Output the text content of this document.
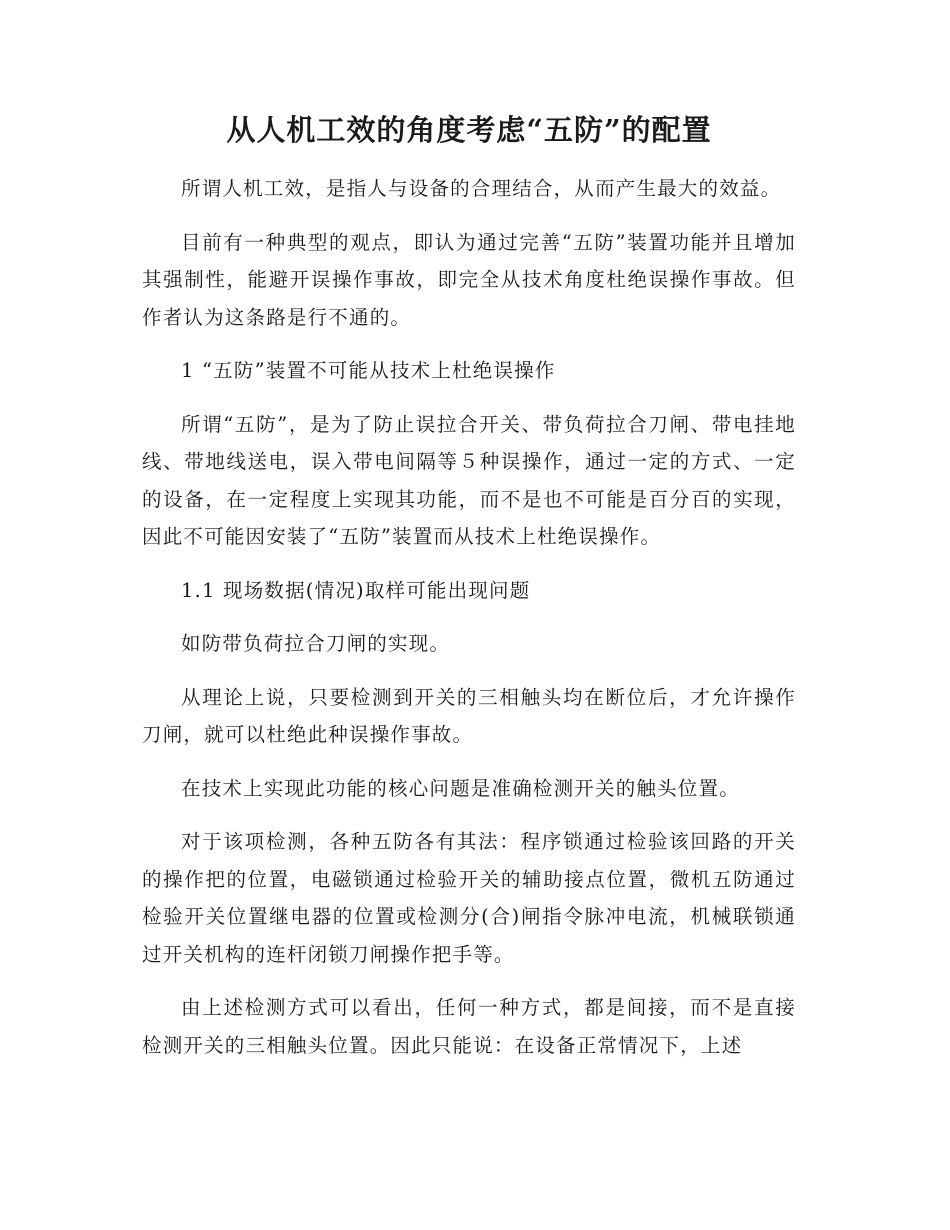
从人机工效的角度考虑“五防”的配置

所谓人机工效，是指人与设备的合理结合，从而产生最大的效益。

目前有一种典型的观点，即认为通过完善“五防”装置功能并且增加其强制性，能避开误操作事故，即完全从技术角度杜绝误操作事故。但作者认为这条路是行不通的。

1 “五防”装置不可能从技术上杜绝误操作

所谓“五防”，是为了防止误拉合开关、带负荷拉合刀闸、带电挂地线、带地线送电，误入带电间隔等５种误操作，通过一定的方式、一定的设备，在一定程度上实现其功能，而不是也不可能是百分百的实现，因此不可能因安装了“五防”装置而从技术上杜绝误操作。

1.1 现场数据(情况)取样可能出现问题

如防带负荷拉合刀闸的实现。

从理论上说，只要检测到开关的三相触头均在断位后，才允许操作刀闸，就可以杜绝此种误操作事故。

在技术上实现此功能的核心问题是准确检测开关的触头位置。

对于该项检测，各种五防各有其法：程序锁通过检验该回路的开关的操作把的位置，电磁锁通过检验开关的辅助接点位置，微机五防通过检验开关位置继电器的位置或检测分(合)闸指令脉冲电流，机械联锁通过开关机构的连杆闭锁刀闸操作把手等。

由上述检测方式可以看出，任何一种方式，都是间接，而不是直接检测开关的三相触头位置。因此只能说：在设备正常情况下，上述
